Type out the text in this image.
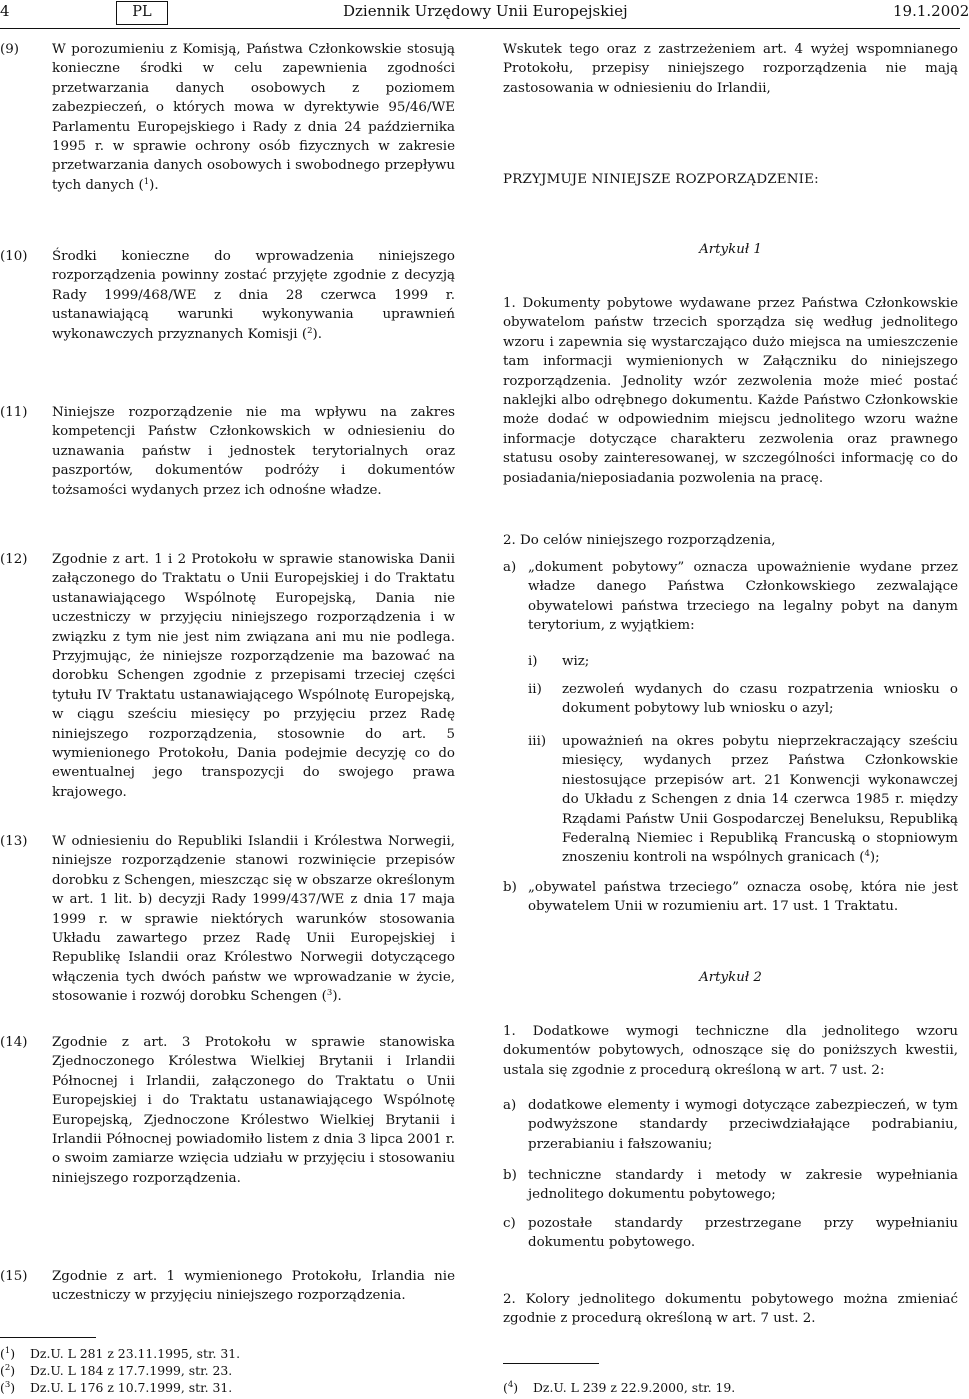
4	PL	Dziennik Urzędowy Unii Europejskiej	19.1.2002
(9) W porozumieniu z Komisją, Państwa Członkowskie stosują konieczne środki w celu zapewnienia zgodności przetwarzania danych osobowych z poziomem zabezpieczeń, o których mowa w dyrektywie 95/46/WE Parlamentu Europejskiego i Rady z dnia 24 października 1995 r. w sprawie ochrony osób fizycznych w zakresie przetwarzania danych osobowych i swobodnego przepływu tych danych ($^1$).
(10) Środki konieczne do wprowadzenia niniejszego rozporządzenia powinny zostać przyjęte zgodnie z decyzją Rady 1999/468/WE z dnia 28 czerwca 1999 r. ustanawiającą warunki wykonywania uprawnień wykonawczych przyznanych Komisji ($^2$).
(11) Niniejsze rozporządzenie nie ma wpływu na zakres kompetencji Państw Członkowskich w odniesieniu do uznawania państw i jednostek terytorialnych oraz paszportów, dokumentów podróży i dokumentów tożsamości wydanych przez ich odnośne władze.
(12) Zgodnie z art. 1 i 2 Protokołu w sprawie stanowiska Danii załączonego do Traktatu o Unii Europejskiej i do Traktatu ustanawiającego Wspólnotę Europejską, Dania nie uczestniczy w przyjęciu niniejszego rozporządzenia i w związku z tym nie jest nim związana ani mu nie podlega. Przyjmując, że niniejsze rozporządzenie ma bazować na dorobku Schengen zgodnie z przepisami trzeciej części tytułu IV Traktatu ustanawiającego Wspólnotę Europejską, w ciągu sześciu miesięcy po przyjęciu przez Radę niniejszego rozporządzenia, stosownie do art. 5 wymienionego Protokołu, Dania podejmie decyzję co do ewentualnej jego transpozycji do swojego prawa krajowego.
(13) W odniesieniu do Republiki Islandii i Królestwa Norwegii, niniejsze rozporządzenie stanowi rozwinięcie przepisów dorobku z Schengen, mieszcząc się w obszarze określonym w art. 1 lit. b) decyzji Rady 1999/437/WE z dnia 17 maja 1999 r. w sprawie niektórych warunków stosowania Układu zawartego przez Radę Unii Europejskiej i Republikę Islandii oraz Królestwo Norwegii dotyczącego włączenia tych dwóch państw we wprowadzanie w życie, stosowanie i rozwój dorobku Schengen ($^3$).
(14) Zgodnie z art. 3 Protokołu w sprawie stanowiska Zjednoczonego Królestwa Wielkiej Brytanii i Irlandii Północnej i Irlandii, załączonego do Traktatu o Unii Europejskiej i do Traktatu ustanawiającego Wspólnotę Europejską, Zjednoczone Królestwo Wielkiej Brytanii i Irlandii Północnej powiadomiło listem z dnia 3 lipca 2001 r. o swoim zamiarze wzięcia udziału w przyjęciu i stosowaniu niniejszego rozporządzenia.
(15) Zgodnie z art. 1 wymienionego Protokołu, Irlandia nie uczestniczy w przyjęciu niniejszego rozporządzenia.
Wskutek tego oraz z zastrzeżeniem art. 4 wyżej wspomnianego Protokołu, przepisy niniejszego rozporządzenia nie mają zastosowania w odniesieniu do Irlandii,
PRZYJMUJE NINIEJSZE ROZPORZĄDZENIE:
Artykuł 1
1. Dokumenty pobytowe wydawane przez Państwa Członkowskie obywatelom państw trzecich sporządza się według jednolitego wzoru i zapewnia się wystarczająco dużo miejsca na umieszczenie tam informacji wymienionych w Załączniku do niniejszego rozporządzenia. Jednolity wzór zezwolenia może mieć postać naklejki albo odrębnego dokumentu. Każde Państwo Członkowskie może dodać w odpowiednim miejscu jednolitego wzoru ważne informacje dotyczące charakteru zezwolenia oraz prawnego statusu osoby zainteresowanej, w szczególności informację co do posiadania/nieposiadania pozwolenia na pracę.
2. Do celów niniejszego rozporządzenia,
a) „dokument pobytowy” oznacza upoważnienie wydane przez władze danego Państwa Członkowskiego zezwalające obywatelowi państwa trzeciego na legalny pobyt na danym terytorium, z wyjątkiem:
i) wiz;
ii) zezwoleń wydanych do czasu rozpatrzenia wniosku o dokument pobytowy lub wniosku o azyl;
iii) upoważnień na okres pobytu nieprzekraczający sześciu miesięcy, wydanych przez Państwa Członkowskie niestosujące przepisów art. 21 Konwencji wykonawczej do Układu z Schengen z dnia 14 czerwca 1985 r. między Rządami Państw Unii Gospodarczej Beneluksu, Republiką Federalną Niemiec i Republiką Francuską o stopniowym znoszeniu kontroli na wspólnych granicach ($^4$);
b) „obywatel państwa trzeciego” oznacza osobę, która nie jest obywatelem Unii w rozumieniu art. 17 ust. 1 Traktatu.
Artykuł 2
1. Dodatkowe wymogi techniczne dla jednolitego wzoru dokumentów pobytowych, odnoszące się do poniższych kwestii, ustala się zgodnie z procedurą określoną w art. 7 ust. 2:
a) dodatkowe elementy i wymogi dotyczące zabezpieczeń, w tym podwyższone standardy przeciwdziałające podrabianiu, przerabianiu i fałszowaniu;
b) techniczne standardy i metody w zakresie wypełniania jednolitego dokumentu pobytowego;
c) pozostałe standardy przestrzegane przy wypełnianiu dokumentu pobytowego.
2. Kolory jednolitego dokumentu pobytowego można zmieniać zgodnie z procedurą określoną w art. 7 ust. 2.
($^1$) Dz.U. L 281 z 23.11.1995, str. 31.
($^2$) Dz.U. L 184 z 17.7.1999, str. 23.
($^3$) Dz.U. L 176 z 10.7.1999, str. 31.	($^4$) Dz.U. L 239 z 22.9.2000, str. 19.
